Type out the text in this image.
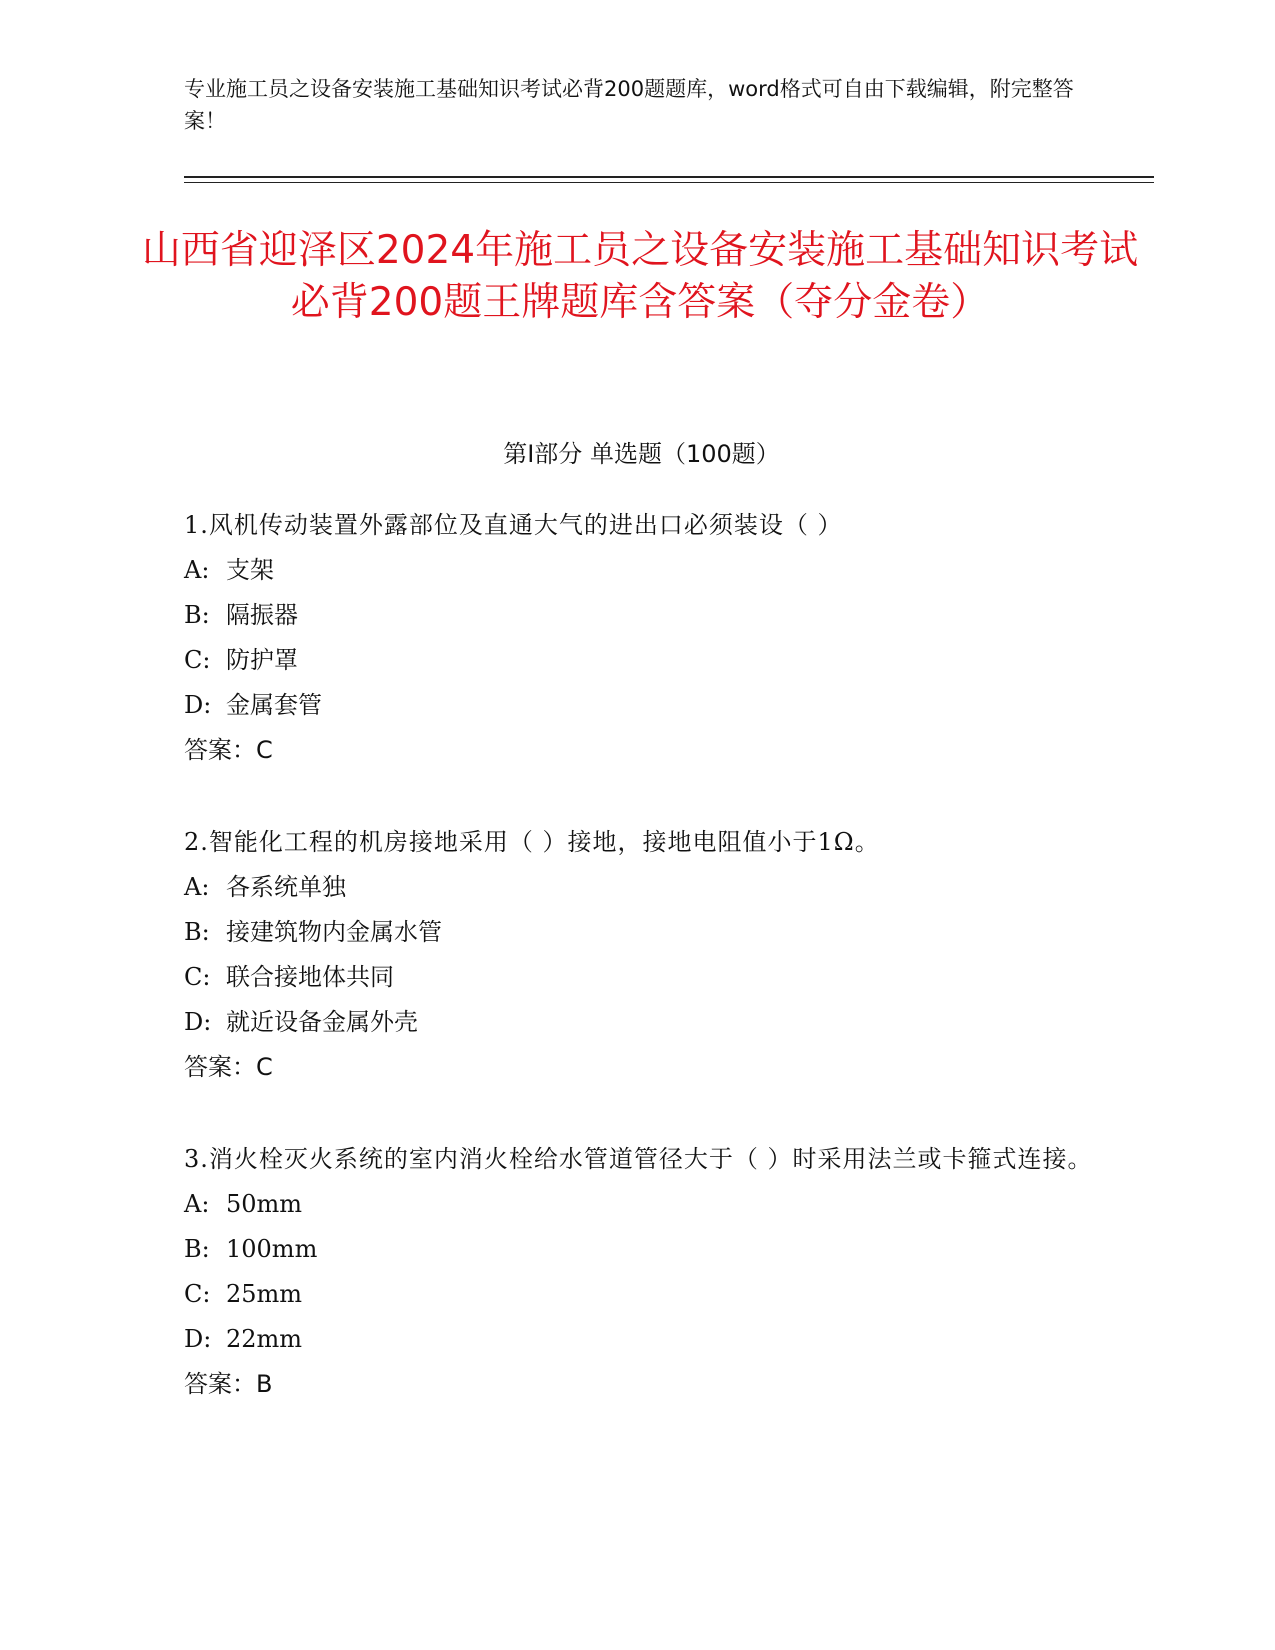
专业施工员之设备安装施工基础知识考试必背200题题库，word格式可自由下载编辑，附完整答案！
山西省迎泽区2024年施工员之设备安装施工基础知识考试必背200题王牌题库含答案（夺分金卷）
第Ⅰ部分 单选题（100题）
1.风机传动装置外露部位及直通大气的进出口必须装设（ ）
A: 支架
B: 隔振器
C: 防护罩
D: 金属套管
答案：C
2.智能化工程的机房接地采用（ ）接地，接地电阻值小于1Ω。
A: 各系统单独
B: 接建筑物内金属水管
C: 联合接地体共同
D: 就近设备金属外壳
答案：C
3.消火栓灭火系统的室内消火栓给水管道管径大于（ ）时采用法兰或卡箍式连接。
A: 50mm
B: 100mm
C: 25mm
D: 22mm
答案：B
